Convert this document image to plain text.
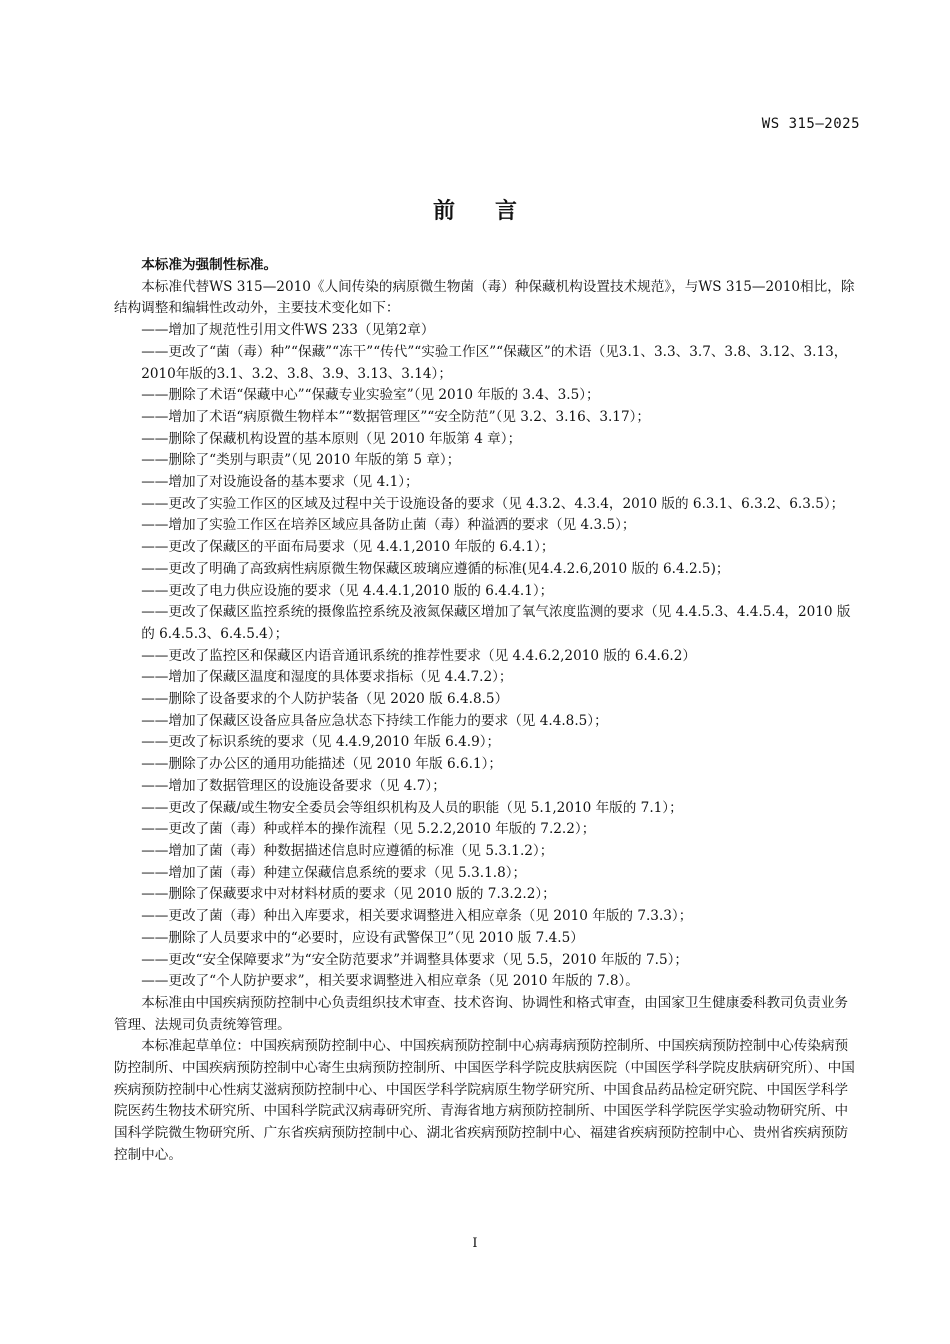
WS 315—2025
前言

本标准为强制性标准。

本标准代替WS 315—2010《人间传染的病原微生物菌（毒）种保藏机构设置技术规范》，与WS 315—2010相比，除结构调整和编辑性改动外，主要技术变化如下：

——增加了规范性引用文件WS 233（见第2章）
——更改了“菌（毒）种”“保藏”“冻干”“传代”“实验工作区”“保藏区”的术语（见3.1、3.3、3.7、3.8、3.12、3.13，2010年版的3.1、3.2、3.8、3.9、3.13、3.14）；
——删除了术语“保藏中心”“保藏专业实验室”（见 2010 年版的 3.4、3.5）；
——增加了术语“病原微生物样本”“数据管理区”“安全防范”（见 3.2、3.16、3.17）；
——删除了保藏机构设置的基本原则（见 2010 年版第 4 章）；
——删除了“类别与职责”（见 2010 年版的第 5 章）；
——增加了对设施设备的基本要求（见 4.1）；
——更改了实验工作区的区域及过程中关于设施设备的要求（见 4.3.2、4.3.4，2010 版的 6.3.1、6.3.2、6.3.5）；
——增加了实验工作区在培养区域应具备防止菌（毒）种溢洒的要求（见 4.3.5）；
——更改了保藏区的平面布局要求（见 4.4.1,2010 年版的 6.4.1）；
——更改了明确了高致病性病原微生物保藏区玻璃应遵循的标准(见4.4.2.6,2010 版的 6.4.2.5)；
——更改了电力供应设施的要求（见 4.4.4.1,2010 版的 6.4.4.1）；
——更改了保藏区监控系统的摄像监控系统及液氮保藏区增加了氧气浓度监测的要求（见 4.4.5.3、4.4.5.4，2010 版的 6.4.5.3、6.4.5.4）；
——更改了监控区和保藏区内语音通讯系统的推荐性要求（见 4.4.6.2,2010 版的 6.4.6.2）
——增加了保藏区温度和湿度的具体要求指标（见 4.4.7.2）；
——删除了设备要求的个人防护装备（见 2020 版 6.4.8.5）
——增加了保藏区设备应具备应急状态下持续工作能力的要求（见 4.4.8.5）；
——更改了标识系统的要求（见 4.4.9,2010 年版 6.4.9）；
——删除了办公区的通用功能描述（见 2010 年版 6.6.1）；
——增加了数据管理区的设施设备要求（见 4.7）；
——更改了保藏/或生物安全委员会等组织机构及人员的职能（见 5.1,2010 年版的 7.1）；
——更改了菌（毒）种或样本的操作流程（见 5.2.2,2010 年版的 7.2.2）；
——增加了菌（毒）种数据描述信息时应遵循的标准（见 5.3.1.2）；
——增加了菌（毒）种建立保藏信息系统的要求（见 5.3.1.8）；
——删除了保藏要求中对材料材质的要求（见 2010 版的 7.3.2.2）；
——更改了菌（毒）种出入库要求，相关要求调整进入相应章条（见 2010 年版的 7.3.3）；
——删除了人员要求中的“必要时，应设有武警保卫”（见 2010 版 7.4.5）
——更改“安全保障要求”为“安全防范要求”并调整具体要求（见 5.5，2010 年版的 7.5）；
——更改了“个人防护要求”，相关要求调整进入相应章条（见 2010 年版的 7.8）。

本标准由中国疾病预防控制中心负责组织技术审查、技术咨询、协调性和格式审查，由国家卫生健康委科教司负责业务管理、法规司负责统筹管理。

本标准起草单位：中国疾病预防控制中心、中国疾病预防控制中心病毒病预防控制所、中国疾病预防控制中心传染病预防控制所、中国疾病预防控制中心寄生虫病预防控制所、中国医学科学院皮肤病医院（中国医学科学院皮肤病研究所）、中国疾病预防控制中心性病艾滋病预防控制中心、中国医学科学院病原生物学研究所、中国食品药品检定研究院、中国医学科学院医药生物技术研究所、中国科学院武汉病毒研究所、青海省地方病预防控制所、中国医学科学院医学实验动物研究所、中国科学院微生物研究所、广东省疾病预防控制中心、湖北省疾病预防控制中心、福建省疾病预防控制中心、贵州省疾病预防控制中心。

I
